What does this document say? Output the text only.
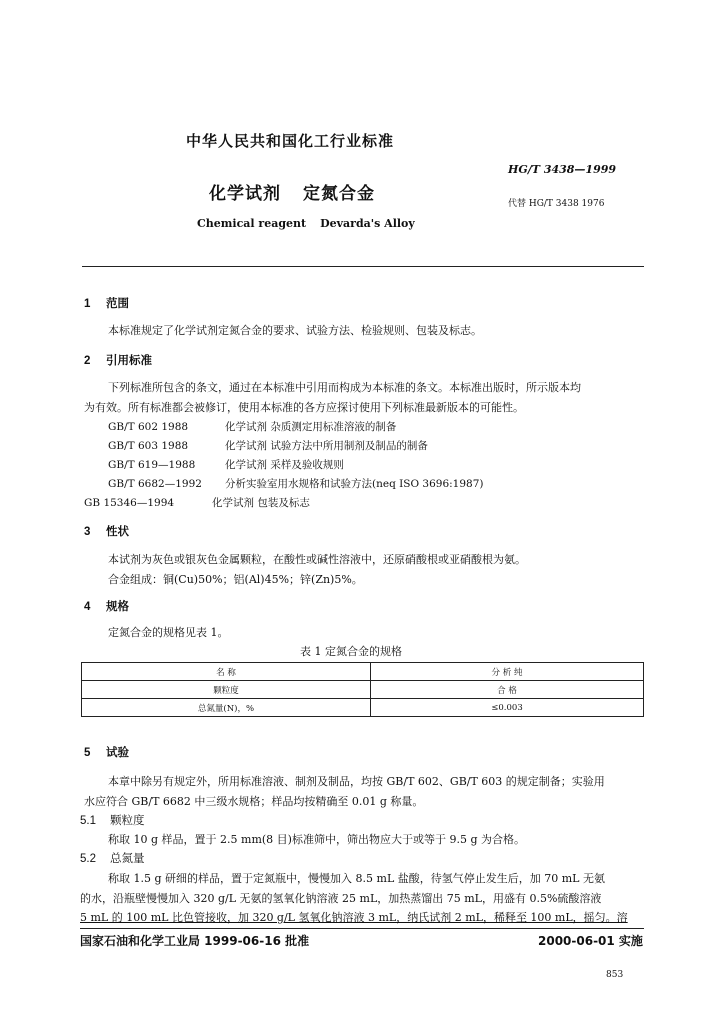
中华人民共和国化工行业标准
HG/T 3438—1999
化学试剂 定氮合金	代替 HG/T 3438 1976
Chemical reagent Devarda's Alloy
1 范围
本标准规定了化学试剂定氮合金的要求、试验方法、检验规则、包装及标志。
2 引用标准
下列标准所包含的条文，通过在本标准中引用而构成为本标准的条文。本标准出版时，所示版本均
为有效。所有标准都会被修订，使用本标准的各方应探讨使用下列标准最新版本的可能性。
GB/T 602 1988	化学试剂 杂质测定用标准溶液的制备
GB/T 603 1988	化学试剂 试验方法中所用制剂及制品的制备
GB/T 619—1988	化学试剂 采样及验收规则
GB/T 6682—1992 分析实验室用水规格和试验方法(neq ISO 3696:1987)
GB 15346—1994	化学试剂 包装及标志
3 性状
本试剂为灰色或银灰色金属颗粒，在酸性或碱性溶液中，还原硝酸根或亚硝酸根为氨。
合金组成：铜(Cu)50%；铝(Al)45%；锌(Zn)5%。
4 规格
定氮合金的规格见表 1。
表 1 定氮合金的规格
名 称	分 析 纯
颗粒度	合 格
总氮量(N)，%	≤0.003
5 试验
本章中除另有规定外，所用标准溶液、制剂及制品，均按 GB/T 602、GB/T 603 的规定制备；实验用
水应符合 GB/T 6682 中三级水规格；样品均按精确至 0.01 g 称量。
5.1 颗粒度
称取 10 g 样品，置于 2.5 mm(8 目)标准筛中，筛出物应大于或等于 9.5 g 为合格。
5.2 总氮量
称取 1.5 g 研细的样品，置于定氮瓶中，慢慢加入 8.5 mL 盐酸，待氢气停止发生后，加 70 mL 无氨
的水，沿瓶壁慢慢加入 320 g/L 无氨的氢氧化钠溶液 25 mL，加热蒸馏出 75 mL，用盛有 0.5%硫酸溶液
5 mL 的 100 mL 比色管接收，加 320 g/L 氢氧化钠溶液 3 mL，纳氏试剂 2 mL，稀释至 100 mL，摇匀。溶
国家石油和化学工业局 1999-06-16 批准	2000-06-01 实施
853
